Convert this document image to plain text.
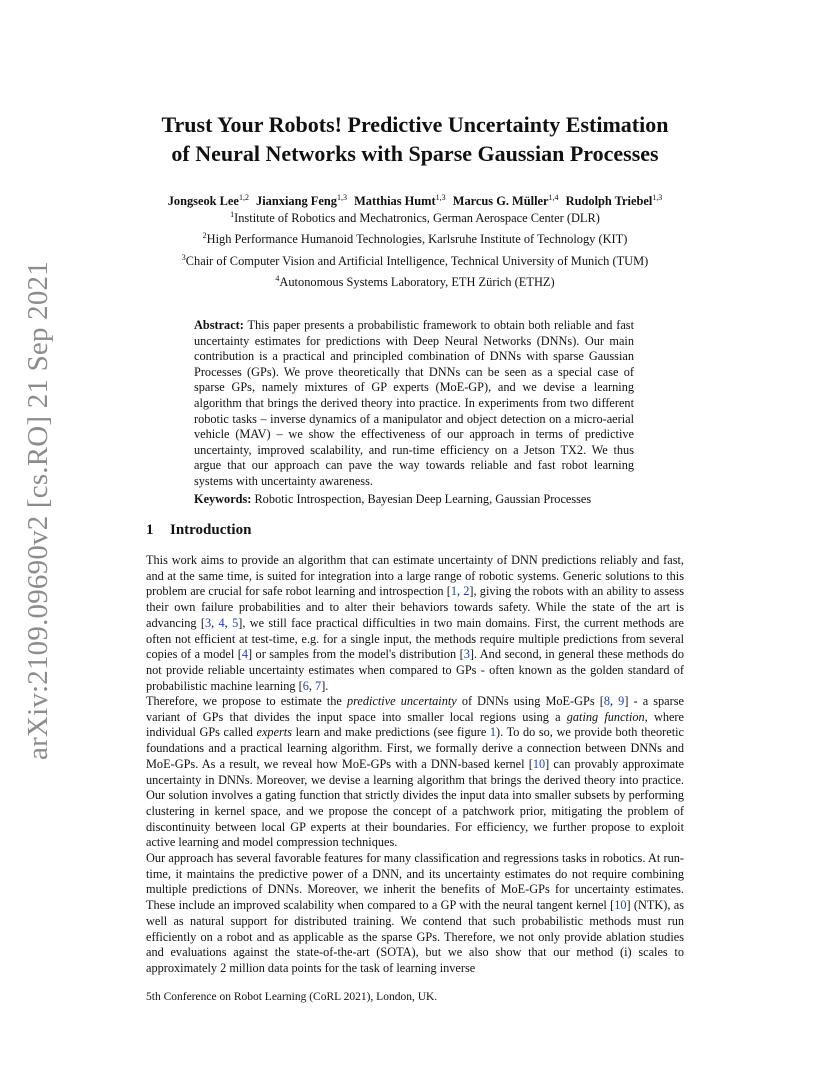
arXiv:2109.09690v2 [cs.RO] 21 Sep 2021
Trust Your Robots! Predictive Uncertainty Estimation
of Neural Networks with Sparse Gaussian Processes
Jongseok Lee$^{1,2}$ Jianxiang Feng$^{1,3}$ Matthias Humt$^{1,3}$ Marcus G. Müller$^{1,4}$ Rudolph Triebel$^{1,3}$
$^1$Institute of Robotics and Mechatronics, German Aerospace Center (DLR)
$^2$High Performance Humanoid Technologies, Karlsruhe Institute of Technology (KIT)
$^3$Chair of Computer Vision and Artificial Intelligence, Technical University of Munich (TUM)
$^4$Autonomous Systems Laboratory, ETH Zürich (ETHZ)
Abstract: This paper presents a probabilistic framework to obtain both reliable and fast uncertainty estimates for predictions with Deep Neural Networks (DNNs). Our main contribution is a practical and principled combination of DNNs with sparse Gaussian Processes (GPs). We prove theoretically that DNNs can be seen as a special case of sparse GPs, namely mixtures of GP experts (MoE-GP), and we devise a learning algorithm that brings the derived theory into practice. In experiments from two different robotic tasks – inverse dynamics of a manipulator and object detection on a micro-aerial vehicle (MAV) – we show the effectiveness of our approach in terms of predictive uncertainty, improved scalability, and run-time efficiency on a Jetson TX2. We thus argue that our approach can pave the way towards reliable and fast robot learning systems with uncertainty awareness.
Keywords: Robotic Introspection, Bayesian Deep Learning, Gaussian Processes
1 Introduction
This work aims to provide an algorithm that can estimate uncertainty of DNN predictions reliably and fast, and at the same time, is suited for integration into a large range of robotic systems. Generic solutions to this problem are crucial for safe robot learning and introspection [1, 2], giving the robots with an ability to assess their own failure probabilities and to alter their behaviors towards safety. While the state of the art is advancing [3, 4, 5], we still face practical difficulties in two main domains. First, the current methods are often not efficient at test-time, e.g. for a single input, the methods require multiple predictions from several copies of a model [4] or samples from the model's distribution [3]. And second, in general these methods do not provide reliable uncertainty estimates when compared to GPs - often known as the golden standard of probabilistic machine learning [6, 7].
Therefore, we propose to estimate the predictive uncertainty of DNNs using MoE-GPs [8, 9] - a sparse variant of GPs that divides the input space into smaller local regions using a gating function, where individual GPs called experts learn and make predictions (see figure 1). To do so, we provide both theoretic foundations and a practical learning algorithm. First, we formally derive a connection between DNNs and MoE-GPs. As a result, we reveal how MoE-GPs with a DNN-based kernel [10] can provably approximate uncertainty in DNNs. Moreover, we devise a learning algorithm that brings the derived theory into practice. Our solution involves a gating function that strictly divides the input data into smaller subsets by performing clustering in kernel space, and we propose the concept of a patchwork prior, mitigating the problem of discontinuity between local GP experts at their boundaries. For efficiency, we further propose to exploit active learning and model compression techniques.
Our approach has several favorable features for many classification and regressions tasks in robotics. At run-time, it maintains the predictive power of a DNN, and its uncertainty estimates do not require combining multiple predictions of DNNs. Moreover, we inherit the benefits of MoE-GPs for uncertainty estimates. These include an improved scalability when compared to a GP with the neural tangent kernel [10] (NTK), as well as natural support for distributed training. We contend that such probabilistic methods must run efficiently on a robot and as applicable as the sparse GPs. Therefore, we not only provide ablation studies and evaluations against the state-of-the-art (SOTA), but we also show that our method (i) scales to approximately 2 million data points for the task of learning inverse
5th Conference on Robot Learning (CoRL 2021), London, UK.
